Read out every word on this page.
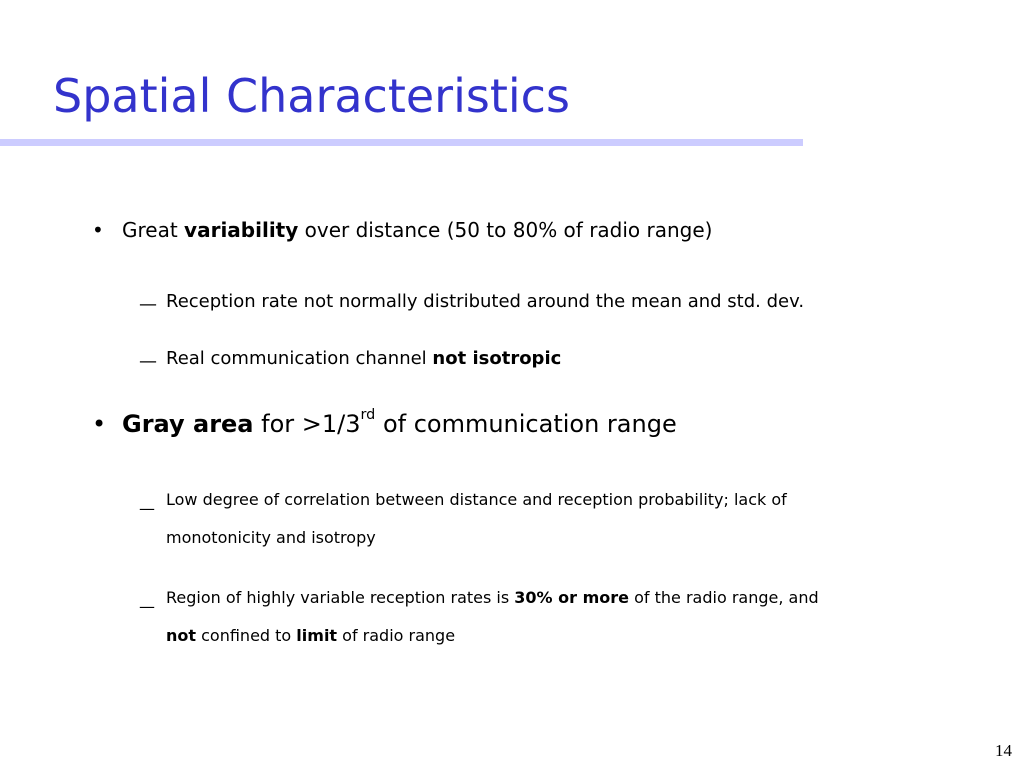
Spatial Characteristics
• Great variability over distance (50 to 80% of radio range)
— Reception rate not normally distributed around the mean and std. dev.
— Real communication channel not isotropic
• Gray area for >1/3rd of communication range
— Low degree of correlation between distance and reception probability; lack of
monotonicity and isotropy
— Region of highly variable reception rates is 30% or more of the radio range, and
not confined to limit of radio range
14
